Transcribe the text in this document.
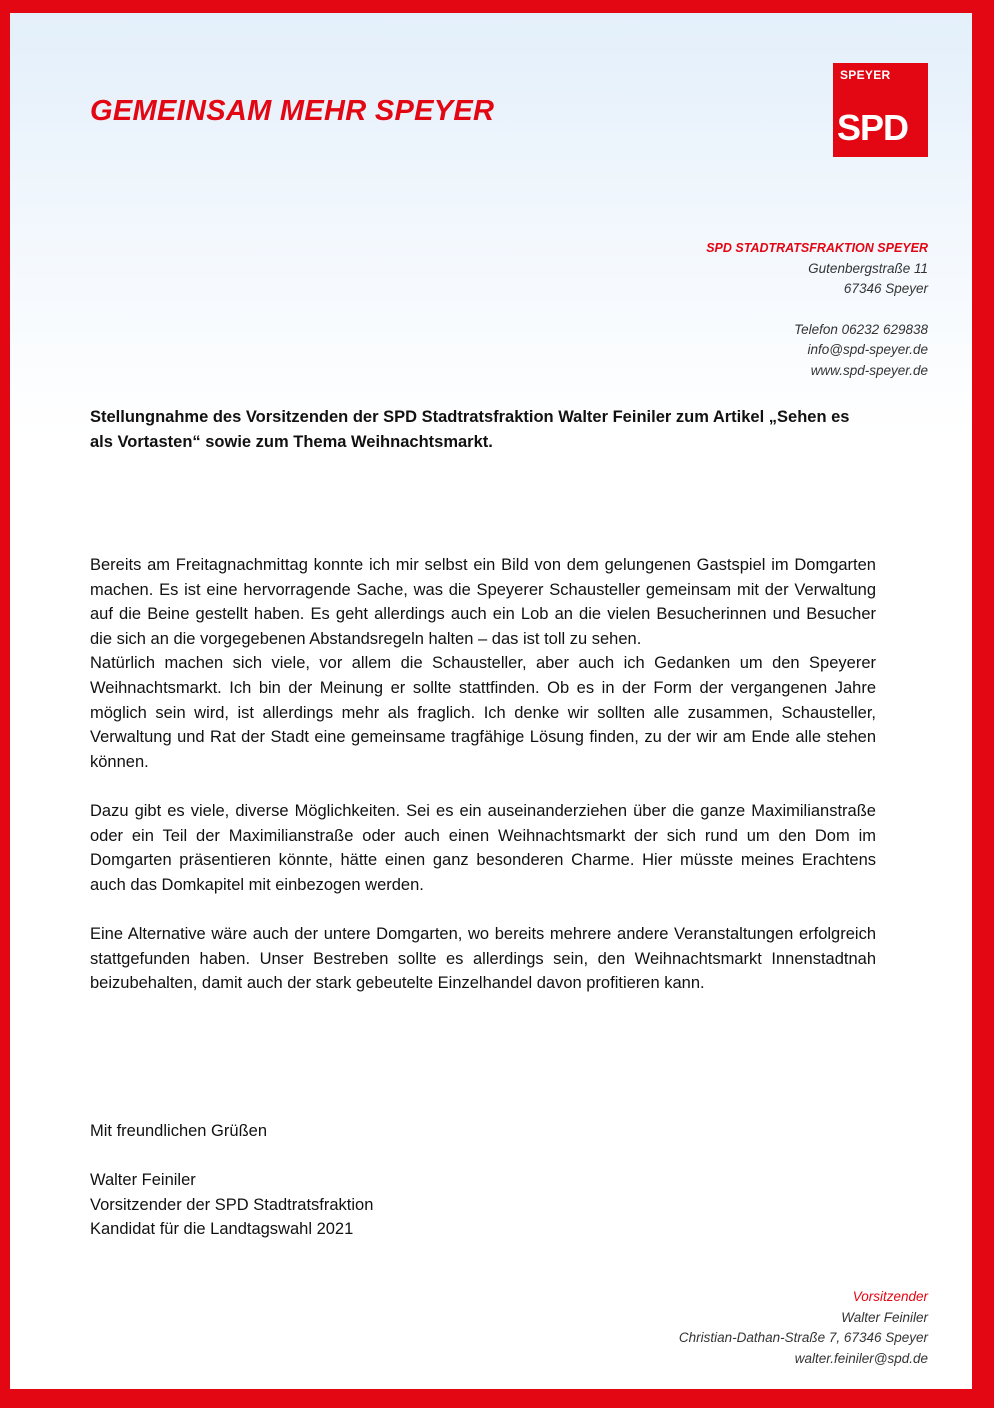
GEMEINSAM MEHR SPEYER
SPEYER
SPD
SPD STADTRATSFRAKTION SPEYER
Gutenbergstraße 11
67346 Speyer
Telefon 06232 629838
info@spd-speyer.de
www.spd-speyer.de

Stellungnahme des Vorsitzenden der SPD Stadtratsfraktion Walter Feiniler zum Artikel „Sehen es als Vortasten“ sowie zum Thema Weihnachtsmarkt.

Bereits am Freitagnachmittag konnte ich mir selbst ein Bild von dem gelungenen Gastspiel im Domgarten machen. Es ist eine hervorragende Sache, was die Speyerer Schausteller gemeinsam mit der Verwaltung auf die Beine gestellt haben. Es geht allerdings auch ein Lob an die vielen Besucherinnen und Besucher die sich an die vorgegebenen Abstandsregeln halten – das ist toll zu sehen.

Natürlich machen sich viele, vor allem die Schausteller, aber auch ich Gedanken um den Speyerer Weihnachtsmarkt. Ich bin der Meinung er sollte stattfinden. Ob es in der Form der vergangenen Jahre möglich sein wird, ist allerdings mehr als fraglich. Ich denke wir sollten alle zusammen, Schausteller, Verwaltung und Rat der Stadt eine gemeinsame tragfähige Lösung finden, zu der wir am Ende alle stehen können.

Dazu gibt es viele, diverse Möglichkeiten. Sei es ein auseinanderziehen über die ganze Maximilianstraße oder ein Teil der Maximilianstraße oder auch einen Weihnachtsmarkt der sich rund um den Dom im Domgarten präsentieren könnte, hätte einen ganz besonderen Charme. Hier müsste meines Erachtens auch das Domkapitel mit einbezogen werden.

Eine Alternative wäre auch der untere Domgarten, wo bereits mehrere andere Veranstaltungen erfolgreich stattgefunden haben. Unser Bestreben sollte es allerdings sein, den Weihnachtsmarkt Innenstadtnah beizubehalten, damit auch der stark gebeutelte Einzelhandel davon profitieren kann.

Mit freundlichen Grüßen
Walter Feiniler
Vorsitzender der SPD Stadtratsfraktion
Kandidat für die Landtagswahl 2021
Vorsitzender
Walter Feiniler
Christian-Dathan-Straße 7, 67346 Speyer
walter.feiniler@spd.de
